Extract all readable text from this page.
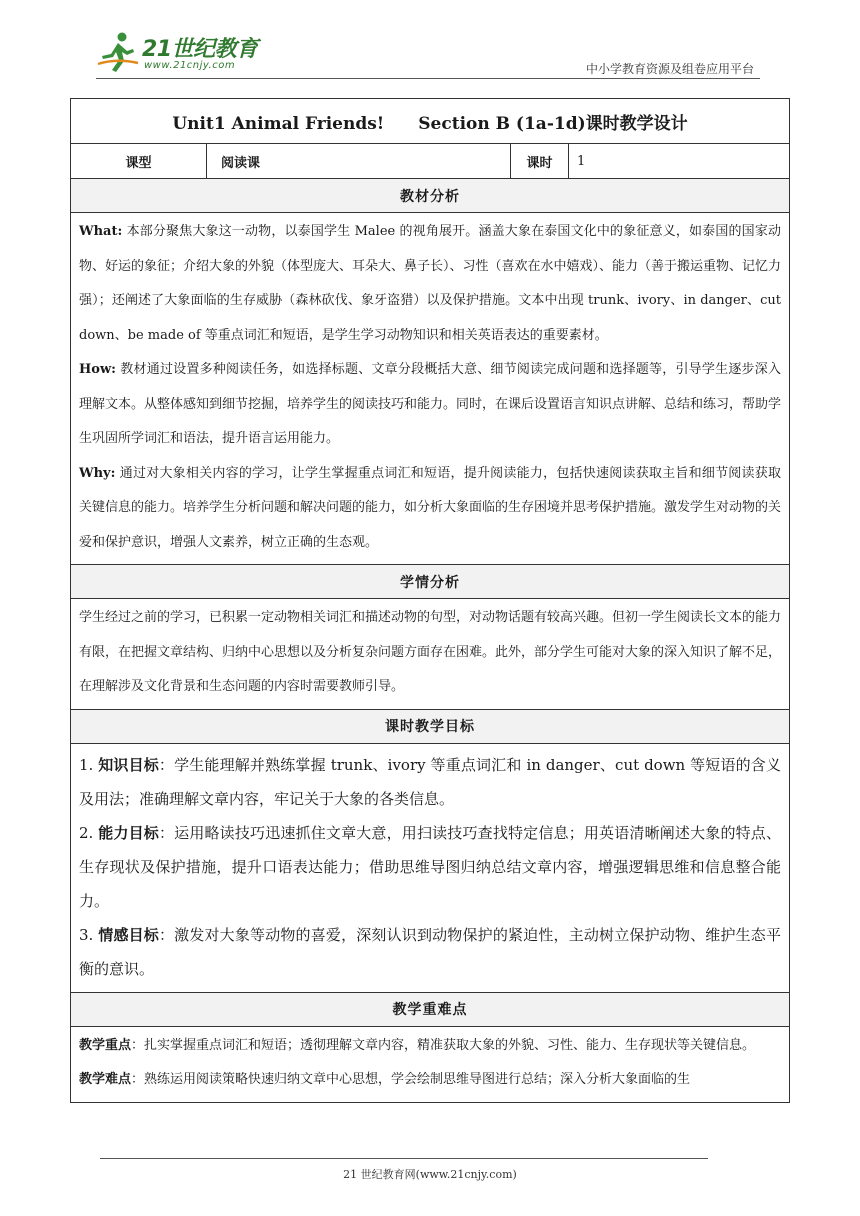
21世纪教育
www.21cnjy.com	中小学教育资源及组卷应用平台
Unit1 Animal Friends!　　Section B (1a-1d)课时教学设计
课型	阅读课	课时	1
教材分析

What: 本部分聚焦大象这一动物，以泰国学生 Malee 的视角展开。涵盖大象在泰国文化中的象征意义，如泰国的国家动物、好运的象征；介绍大象的外貌（体型庞大、耳朵大、鼻子长）、习性（喜欢在水中嬉戏）、能力（善于搬运重物、记忆力强）；还阐述了大象面临的生存威胁（森林砍伐、象牙盗猎）以及保护措施。文本中出现 trunk、ivory、in danger、cut down、be made of 等重点词汇和短语，是学生学习动物知识和相关英语表达的重要素材。

How: 教材通过设置多种阅读任务，如选择标题、文章分段概括大意、细节阅读完成问题和选择题等，引导学生逐步深入理解文本。从整体感知到细节挖掘，培养学生的阅读技巧和能力。同时，在课后设置语言知识点讲解、总结和练习，帮助学生巩固所学词汇和语法，提升语言运用能力。

Why: 通过对大象相关内容的学习，让学生掌握重点词汇和短语，提升阅读能力，包括快速阅读获取主旨和细节阅读获取关键信息的能力。培养学生分析问题和解决问题的能力，如分析大象面临的生存困境并思考保护措施。激发学生对动物的关爱和保护意识，增强人文素养，树立正确的生态观。

学情分析

学生经过之前的学习，已积累一定动物相关词汇和描述动物的句型，对动物话题有较高兴趣。但初一学生阅读长文本的能力有限，在把握文章结构、归纳中心思想以及分析复杂问题方面存在困难。此外，部分学生可能对大象的深入知识了解不足，在理解涉及文化背景和生态问题的内容时需要教师引导。

课时教学目标

1. 知识目标：学生能理解并熟练掌握 trunk、ivory 等重点词汇和 in danger、cut down 等短语的含义及用法；准确理解文章内容，牢记关于大象的各类信息。

2. 能力目标：运用略读技巧迅速抓住文章大意，用扫读技巧查找特定信息；用英语清晰阐述大象的特点、生存现状及保护措施，提升口语表达能力；借助思维导图归纳总结文章内容，增强逻辑思维和信息整合能力。

3. 情感目标：激发对大象等动物的喜爱，深刻认识到动物保护的紧迫性，主动树立保护动物、维护生态平衡的意识。

教学重难点

教学重点：扎实掌握重点词汇和短语；透彻理解文章内容，精准获取大象的外貌、习性、能力、生存现状等关键信息。

教学难点：熟练运用阅读策略快速归纳文章中心思想，学会绘制思维导图进行总结；深入分析大象面临的生

21 世纪教育网(www.21cnjy.com)
